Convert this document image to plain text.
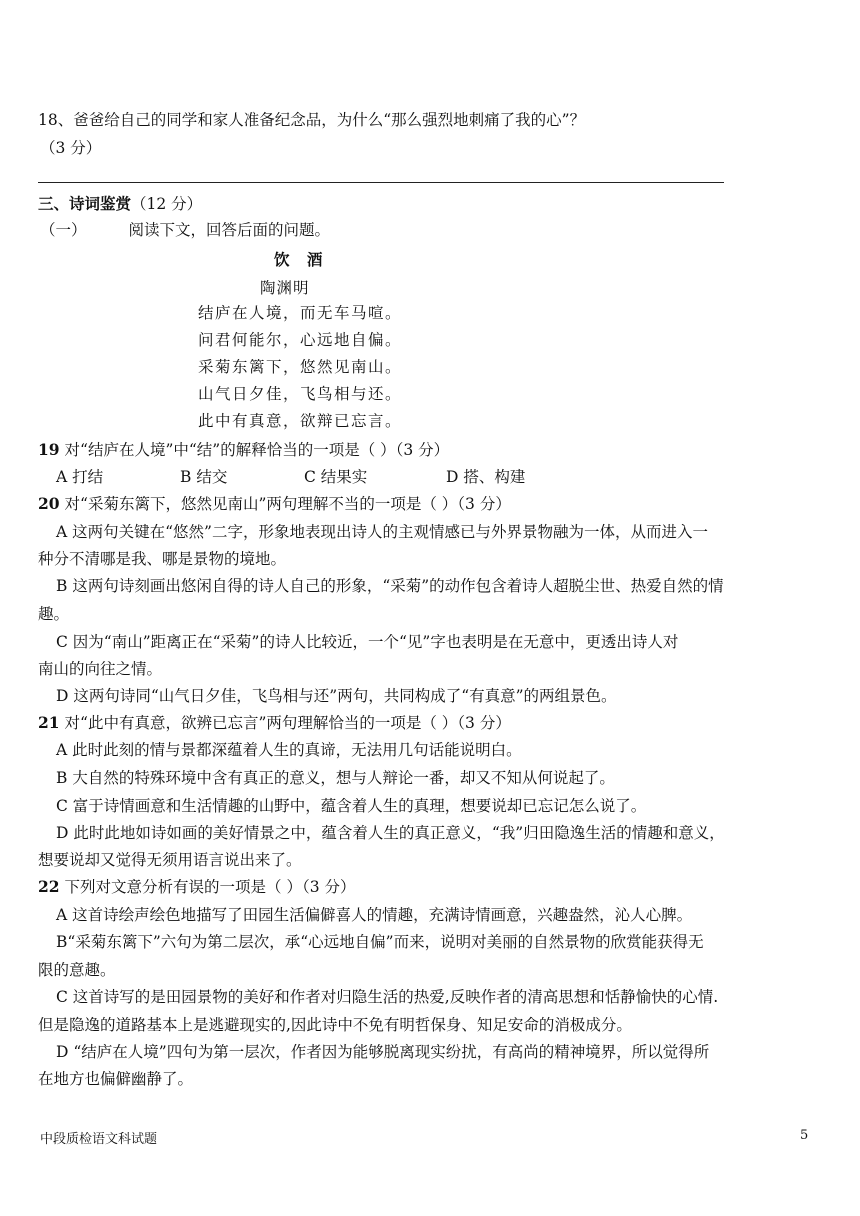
18、爸爸给自己的同学和家人准备纪念品，为什么“那么强烈地刺痛了我的心”？
（3 分）
三、诗词鉴赏（12 分）
（一）	阅读下文，回答后面的问题。
饮 酒
陶渊明
结庐在人境，而无车马喧。
问君何能尔，心远地自偏。
采菊东篱下，悠然见南山。
山气日夕佳，飞鸟相与还。
此中有真意，欲辩已忘言。
19 对“结庐在人境”中“结”的解释恰当的一项是（ ）（3 分）
A 打结	B 结交	C 结果实	D 搭、构建
20 对“采菊东篱下，悠然见南山”两句理解不当的一项是（ ）（3 分）
A 这两句关键在“悠然”二字，形象地表现出诗人的主观情感已与外界景物融为一体，从而进入一
种分不清哪是我、哪是景物的境地。
B 这两句诗刻画出悠闲自得的诗人自己的形象，“采菊”的动作包含着诗人超脱尘世、热爱自然的情
趣。
C 因为“南山”距离正在“采菊”的诗人比较近，一个“见”字也表明是在无意中，更透出诗人对
南山的向往之情。
D 这两句诗同“山气日夕佳，飞鸟相与还”两句，共同构成了“有真意”的两组景色。
21 对“此中有真意，欲辨已忘言”两句理解恰当的一项是（ ）（3 分）
A 此时此刻的情与景都深蕴着人生的真谛，无法用几句话能说明白。
B 大自然的特殊环境中含有真正的意义，想与人辩论一番，却又不知从何说起了。
C 富于诗情画意和生活情趣的山野中，蕴含着人生的真理，想要说却已忘记怎么说了。
D 此时此地如诗如画的美好情景之中，蕴含着人生的真正意义，“我”归田隐逸生活的情趣和意义，
想要说却又觉得无须用语言说出来了。
22 下列对文意分析有误的一项是（ ）（3 分）
A 这首诗绘声绘色地描写了田园生活偏僻喜人的情趣，充满诗情画意，兴趣盎然，沁人心脾。
B“采菊东篱下”六句为第二层次，承“心远地自偏”而来，说明对美丽的自然景物的欣赏能获得无
限的意趣。
C 这首诗写的是田园景物的美好和作者对归隐生活的热爱,反映作者的清高思想和恬静愉快的心情.
但是隐逸的道路基本上是逃避现实的,因此诗中不免有明哲保身、知足安命的消极成分。
D “结庐在人境”四句为第一层次，作者因为能够脱离现实纷扰，有高尚的精神境界，所以觉得所
在地方也偏僻幽静了。
中段质检语文科试题	5
